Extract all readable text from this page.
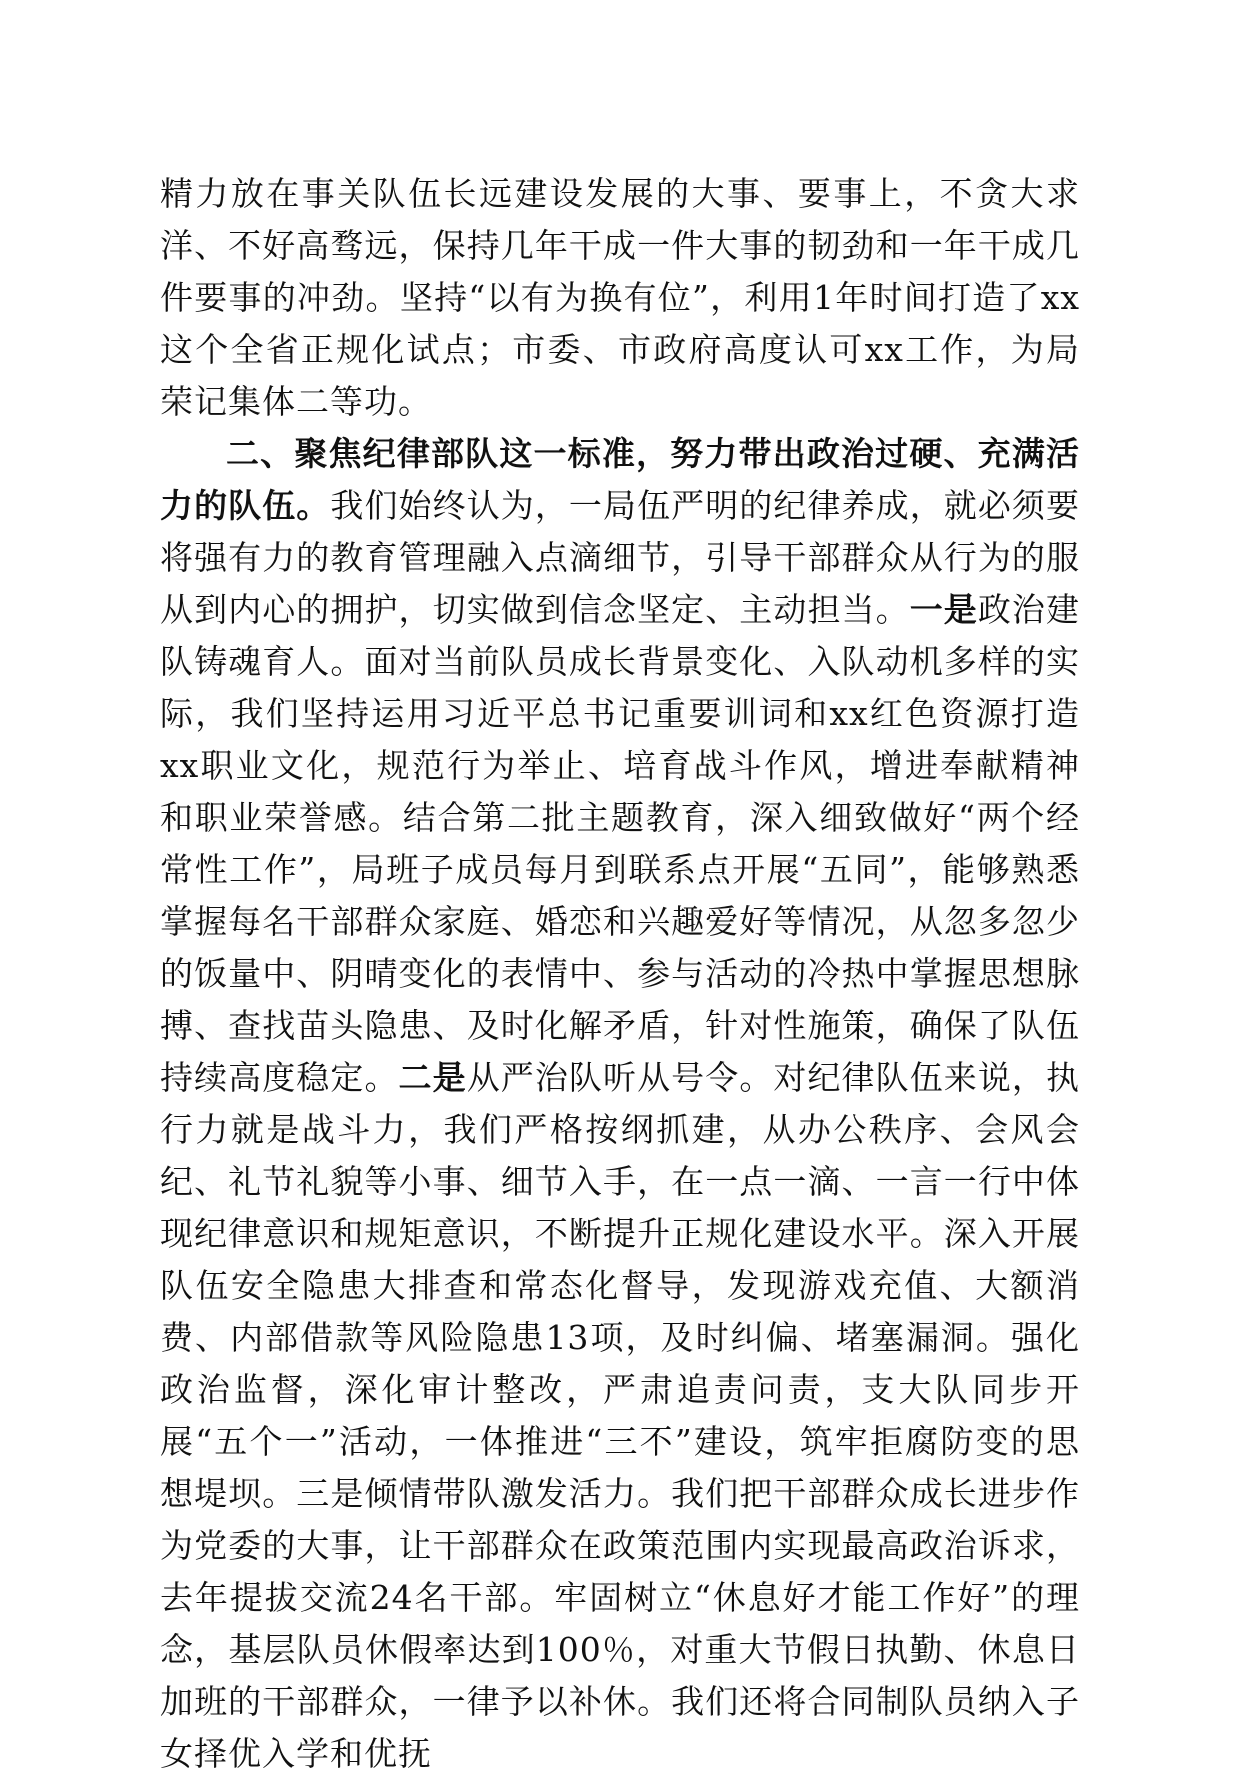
精力放在事关队伍长远建设发展的大事、要事上，不贪大求洋、不好高骛远，保持几年干成一件大事的韧劲和一年干成几件要事的冲劲。坚持“以有为换有位”，利用1年时间打造了xx这个全省正规化试点；市委、市政府高度认可xx工作，为局荣记集体二等功。

二、聚焦纪律部队这一标准，努力带出政治过硬、充满活力的队伍。我们始终认为，一局伍严明的纪律养成，就必须要将强有力的教育管理融入点滴细节，引导干部群众从行为的服从到内心的拥护，切实做到信念坚定、主动担当。一是政治建队铸魂育人。面对当前队员成长背景变化、入队动机多样的实际，我们坚持运用习近平总书记重要训词和xx红色资源打造xx职业文化，规范行为举止、培育战斗作风，增进奉献精神和职业荣誉感。结合第二批主题教育，深入细致做好“两个经常性工作”，局班子成员每月到联系点开展“五同”，能够熟悉掌握每名干部群众家庭、婚恋和兴趣爱好等情况，从忽多忽少的饭量中、阴晴变化的表情中、参与活动的冷热中掌握思想脉搏、查找苗头隐患、及时化解矛盾，针对性施策，确保了队伍持续高度稳定。二是从严治队听从号令。对纪律队伍来说，执行力就是战斗力，我们严格按纲抓建，从办公秩序、会风会纪、礼节礼貌等小事、细节入手，在一点一滴、一言一行中体现纪律意识和规矩意识，不断提升正规化建设水平。深入开展队伍安全隐患大排查和常态化督导，发现游戏充值、大额消费、内部借款等风险隐患13项，及时纠偏、堵塞漏洞。强化政治监督，深化审计整改，严肃追责问责，支大队同步开展“五个一”活动，一体推进“三不”建设，筑牢拒腐防变的思想堤坝。三是倾情带队激发活力。我们把干部群众成长进步作为党委的大事，让干部群众在政策范围内实现最高政治诉求，去年提拔交流24名干部。牢固树立“休息好才能工作好”的理念，基层队员休假率达到100％，对重大节假日执勤、休息日加班的干部群众，一律予以补休。我们还将合同制队员纳入子女择优入学和优抚
